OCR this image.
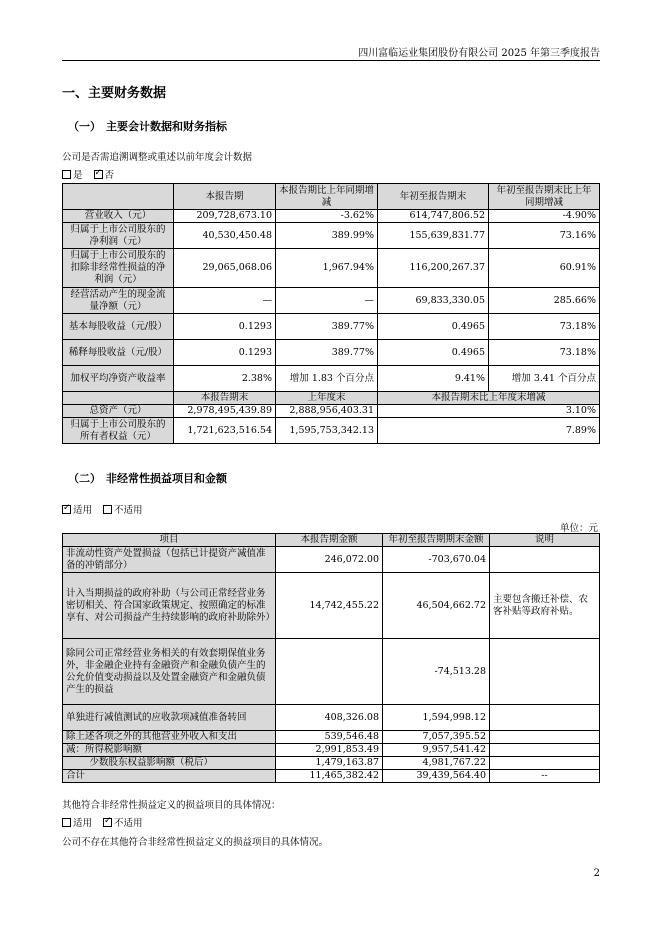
四川富临运业集团股份有限公司 2025 年第三季度报告
一、主要财务数据
（一） 主要会计数据和财务指标
公司是否需追溯调整或重述以前年度会计数据
是 ✓ 否
	本报告期	本报告期比上年同期增减	年初至报告期末	年初至报告期末比上年同期增减
营业收入（元）	209,728,673.10	-3.62%	614,747,806.52	-4.90%
归属于上市公司股东的净利润（元）	40,530,450.48	389.99%	155,639,831.77	73.16%
归属于上市公司股东的扣除非经常性损益的净利润（元）	29,065,068.06	1,967.94%	116,200,267.37	60.91%
经营活动产生的现金流量净额（元）	—	—	69,833,330.05	285.66%
基本每股收益（元/股）	0.1293	389.77%	0.4965	73.18%
稀释每股收益（元/股）	0.1293	389.77%	0.4965	73.18%
加权平均净资产收益率	2.38%	增加 1.83 个百分点	9.41%	增加 3.41 个百分点
	本报告期末	上年度末	本报告期末比上年度末增减	
总资产（元）	2,978,495,439.89	2,888,956,403.31	3.10%	
归属于上市公司股东的所有者权益（元）	1,721,623,516.54	1,595,753,342.13	7.89%	
（二） 非经常性损益项目和金额
✓适用 不适用
单位：元
项目	本报告期金额	年初至报告期期末金额	说明
非流动性资产处置损益（包括已计提资产减值准备的冲销部分）	246,072.00	-703,670.04	
计入当期损益的政府补助（与公司正常经营业务密切相关、符合国家政策规定、按照确定的标准享有、对公司损益产生持续影响的政府补助除外）	14,742,455.22	46,504,662.72	主要包含搬迁补偿、农客补贴等政府补贴。
除同公司正常经营业务相关的有效套期保值业务外，非金融企业持有金融资产和金融负债产生的公允价值变动损益以及处置金融资产和金融负债产生的损益		-74,513.28	
单独进行减值测试的应收款项减值准备转回	408,326.08	1,594,998.12	
除上述各项之外的其他营业外收入和支出	539,546.48	7,057,395.52	
减：所得税影响额	2,991,853.49	9,957,541.42	
少数股东权益影响额（税后）	1,479,163.87	4,981,767.22	
合计	11,465,382.42	39,439,564.40	--
其他符合非经常性损益定义的损益项目的具体情况：
适用 ✓ 不适用
公司不存在其他符合非经常性损益定义的损益项目的具体情况。
2
